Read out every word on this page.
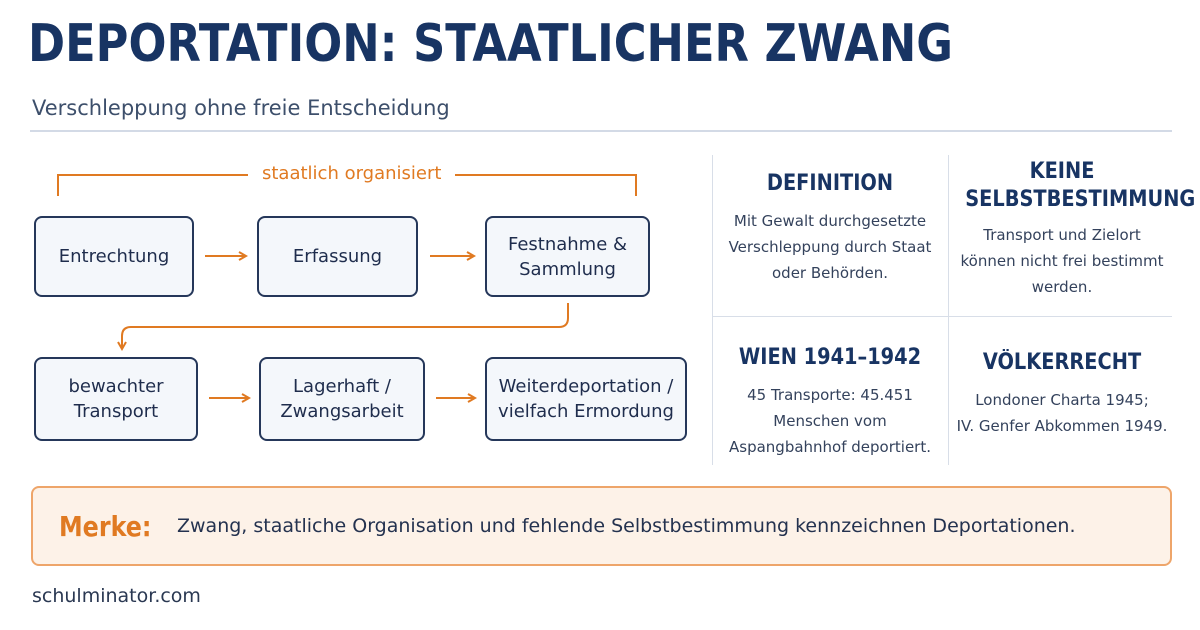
DEPORTATION: STAATLICHER ZWANG
Verschleppung ohne freie Entscheidung
staatlich organisiert
Entrechtung	Erfassung
Festnahme &
Sammlung
bewachter
Transport
Lagerhaft /
Zwangsarbeit
Weiterdeportation /
vielfach Ermordung
DEFINITION
Mit Gewalt durchgesetzte
Verschleppung durch Staat
oder Behörden.
KEINE
SELBSTBESTIMMUNG
Transport und Zielort
können nicht frei bestimmt
werden.
WIEN 1941–1942
45 Transporte: 45.451
Menschen vom
Aspangbahnhof deportiert.
VÖLKERRECHT
Londoner Charta 1945;
IV. Genfer Abkommen 1949.
Merke: Zwang, staatliche Organisation und fehlende Selbstbestimmung kennzeichnen Deportationen.
schulminator.com
